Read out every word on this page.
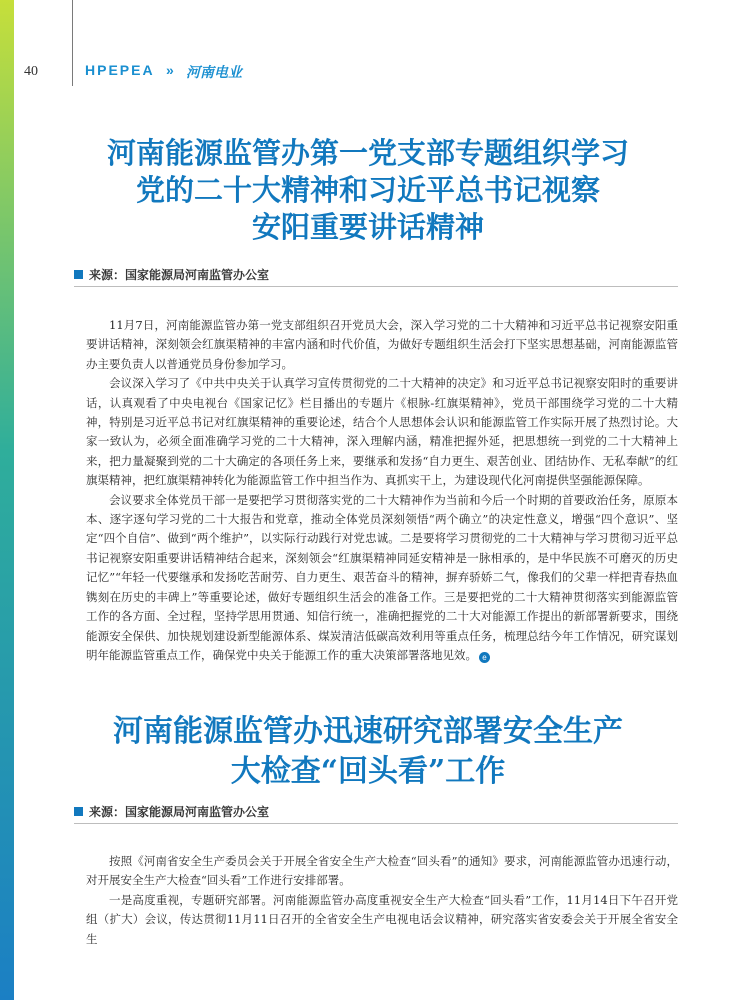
40	HPEPEA » 河南电业
河南能源监管办第一党支部专题组织学习
党的二十大精神和习近平总书记视察
安阳重要讲话精神
来源：国家能源局河南监管办公室

11月7日，河南能源监管办第一党支部组织召开党员大会，深入学习党的二十大精神和习近平总书记视察安阳重要讲话精神，深刻领会红旗渠精神的丰富内涵和时代价值，为做好专题组织生活会打下坚实思想基础，河南能源监管办主要负责人以普通党员身份参加学习。

会议深入学习了《中共中央关于认真学习宣传贯彻党的二十大精神的决定》和习近平总书记视察安阳时的重要讲话，认真观看了中央电视台《国家记忆》栏目播出的专题片《根脉-红旗渠精神》，党员干部围绕学习党的二十大精神，特别是习近平总书记对红旗渠精神的重要论述，结合个人思想体会认识和能源监管工作实际开展了热烈讨论。大家一致认为，必须全面准确学习党的二十大精神，深入理解内涵，精准把握外延，把思想统一到党的二十大精神上来，把力量凝聚到党的二十大确定的各项任务上来，要继承和发扬“自力更生、艰苦创业、团结协作、无私奉献”的红旗渠精神，把红旗渠精神转化为能源监管工作中担当作为、真抓实干上，为建设现代化河南提供坚强能源保障。

会议要求全体党员干部一是要把学习贯彻落实党的二十大精神作为当前和今后一个时期的首要政治任务，原原本本、逐字逐句学习党的二十大报告和党章，推动全体党员深刻领悟“两个确立”的决定性意义，增强“四个意识”、坚定“四个自信”、做到“两个维护”，以实际行动践行对党忠诚。二是要将学习贯彻党的二十大精神与学习贯彻习近平总书记视察安阳重要讲话精神结合起来，深刻领会“红旗渠精神同延安精神是一脉相承的，是中华民族不可磨灭的历史记忆”“年轻一代要继承和发扬吃苦耐劳、自力更生、艰苦奋斗的精神，摒弃骄娇二气，像我们的父辈一样把青春热血镌刻在历史的丰碑上”等重要论述，做好专题组织生活会的准备工作。三是要把党的二十大精神贯彻落实到能源监管工作的各方面、全过程，坚持学思用贯通、知信行统一，准确把握党的二十大对能源工作提出的新部署新要求，围绕能源安全保供、加快规划建设新型能源体系、煤炭清洁低碳高效利用等重点任务，梳理总结今年工作情况，研究谋划明年能源监管重点工作，确保党中央关于能源工作的重大决策部署落地见效。 e

河南能源监管办迅速研究部署安全生产
大检查“回头看”工作
来源：国家能源局河南监管办公室

按照《河南省安全生产委员会关于开展全省安全生产大检查“回头看”的通知》要求，河南能源监管办迅速行动，对开展安全生产大检查“回头看”工作进行安排部署。

一是高度重视，专题研究部署。河南能源监管办高度重视安全生产大检查“回头看”工作，11月14日下午召开党组（扩大）会议，传达贯彻11月11日召开的全省安全生产电视电话会议精神，研究落实省安委会关于开展全省安全生
